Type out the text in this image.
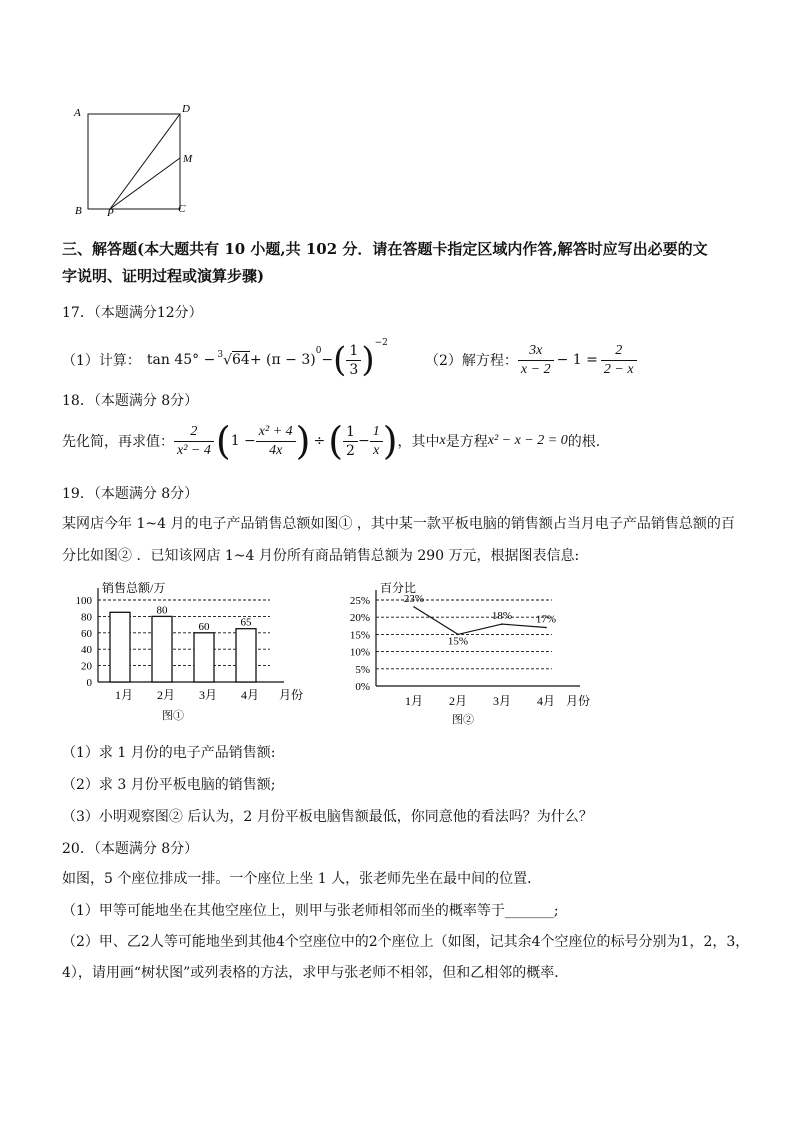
A	D
M
B P	C
三、解答题(本大题共有 10 小题,共 102 分．请在答题卡指定区域内作答,解答时应写出必要的文
字说明、证明过程或演算步骤)
17．（本题满分12分）
（1）计算： tan 45° − $^3$√64 + (π − 3)
$^0$
− ( $\frac{1}{3} )^{-2}$
（2）解方程： $\frac{3x}{x - 2} - 1 = \frac{2}{2 - x}$
18．（本题满分 8分）
先化简，再求值： $\frac{2}{\text{x² − 4}}$ ( $1 - \frac{\text{x² + 4}}{4x}$ ) ÷ ( $\frac{1}{2} - \frac{1}{x}$ ) ，其中 x 是方程 x² − x − 2 = 0 的根.
19．（本题满分 8分）
某网店今年 1~4 月的电子产品销售总额如图① ，其中某一款平板电脑的销售额占当月电子产品销售总额的百
分比如图② ．已知该网店 1~4 月份所有商品销售总额为 290 万元，根据图表信息:
销售总额/万
0
20
40
60
80
100
80
60	65
1月 2月 3月 4月 月份
图①
百分比
0%
5%
10%
15%
20%
25%	23%
15%
18% 17%
1月 2月 3月 4月 月份
图②
（1）求 1 月份的电子产品销售额:
（2）求 3 月份平板电脑的销售额;
（3）小明观察图② 后认为，2 月份平板电脑售额最低，你同意他的看法吗？为什么？
20．（本题满分 8分）
如图，5 个座位排成一排。一个座位上坐 1 人，张老师先坐在最中间的位置．
（1）甲等可能地坐在其他空座位上，则甲与张老师相邻而坐的概率等于_______;
（2）甲、乙2人等可能地坐到其他4个空座位中的2个座位上（如图，记其余4个空座位的标号分别为1，2，3，
4），请用画“树状图”或列表格的方法，求甲与张老师不相邻，但和乙相邻的概率．
